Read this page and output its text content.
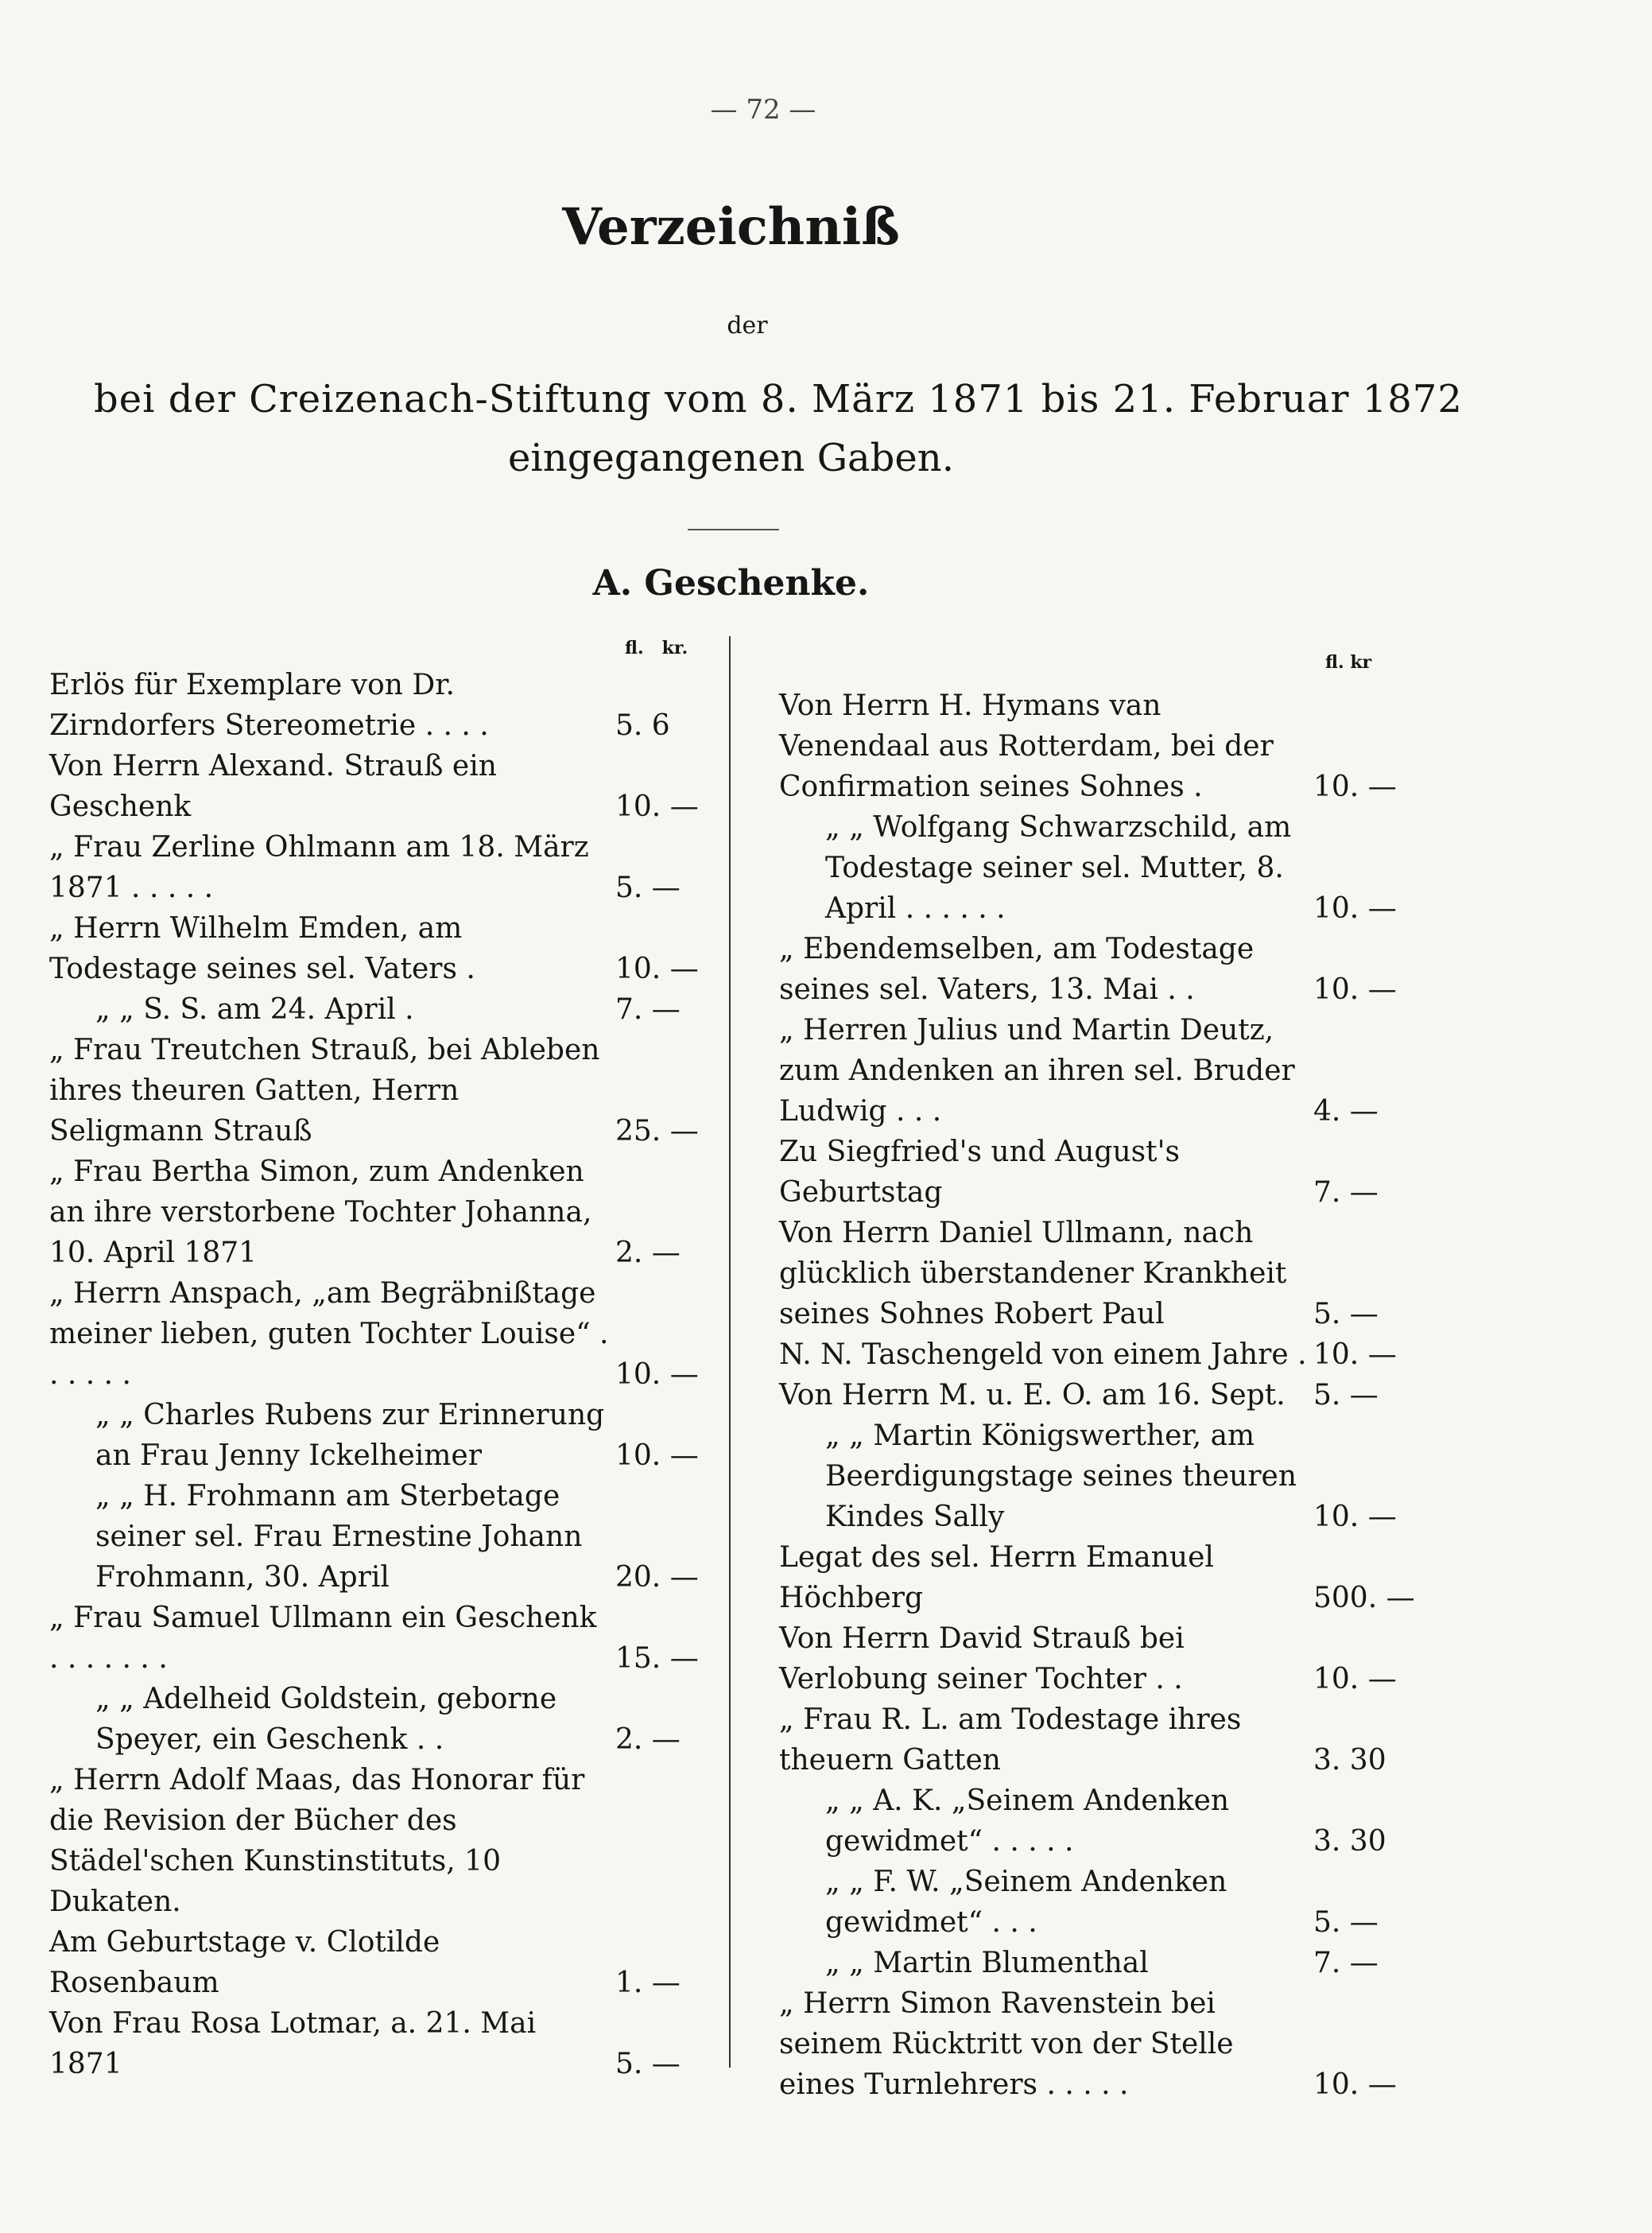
— 72 —
Verzeichniß
der
bei der Creizenach-Stiftung vom 8. März 1871 bis 21. Februar 1872
eingegangenen Gaben.
A. Geschenke.
fl. kr.
fl. kr
Erlös für Exemplare von Dr. Zirndorfers Stereometrie . . . .	5. 6
Von Herrn Alexand. Strauß ein Geschenk	10. —
„ Frau Zerline Ohlmann am 18. März 1871 . . . . .	5. —
„ Herrn Wilhelm Emden, am Todestage seines sel. Vaters .	10. —
„ „ S. S. am 24. April .	7. —
„ Frau Treutchen Strauß, bei Ableben ihres theuren Gatten, Herrn Seligmann Strauß	25. —
„ Frau Bertha Simon, zum Andenken an ihre verstorbene Tochter Johanna, 10. April 1871	2. —
„ Herrn Anspach, „am Begräbnißtage meiner lieben, guten Tochter Louise“ . . . . . .	10. —
„ „ Charles Rubens zur Erinnerung an Frau Jenny Ickelheimer	10. —
„ „ H. Frohmann am Sterbetage seiner sel. Frau Ernestine Johann Frohmann, 30. April	20. —
„ Frau Samuel Ullmann ein Geschenk . . . . . . .	15. —
„ „ Adelheid Goldstein, geborne Speyer, ein Geschenk . .	2. —
„ Herrn Adolf Maas, das Honorar für die Revision der Bücher des Städel'schen Kunstinstituts, 10 Dukaten.
Am Geburtstage v. Clotilde Rosenbaum	1. —
Von Frau Rosa Lotmar, a. 21. Mai 1871	5. —
Von Herrn H. Hymans van Venendaal aus Rotterdam, bei der Confirmation seines Sohnes .	10. —
„ „ Wolfgang Schwarzschild, am Todestage seiner sel. Mutter, 8. April . . . . . .	10. —
„ Ebendemselben, am Todestage seines sel. Vaters, 13. Mai . .	10. —
„ Herren Julius und Martin Deutz, zum Andenken an ihren sel. Bruder Ludwig . . .	4. —
Zu Siegfried's und August's Geburtstag	7. —
Von Herrn Daniel Ullmann, nach glücklich überstandener Krankheit seines Sohnes Robert Paul	5. —
N. N. Taschengeld von einem Jahre . 10. —
Von Herrn M. u. E. O. am 16. Sept. 5. —
„ „ Martin Königswerther, am Beerdigungstage seines theuren Kindes Sally	10. —
Legat des sel. Herrn Emanuel Höchberg	500. —
Von Herrn David Strauß bei Verlobung seiner Tochter . .	10. —
„ Frau R. L. am Todestage ihres theuern Gatten	3. 30
„ „ A. K. „Seinem Andenken gewidmet“ . . . . .	3. 30
„ „ F. W. „Seinem Andenken gewidmet“ . . .	5. —
„ „ Martin Blumenthal	7. —
„ Herrn Simon Ravenstein bei seinem Rücktritt von der Stelle eines Turnlehrers . . . . .	10. —
